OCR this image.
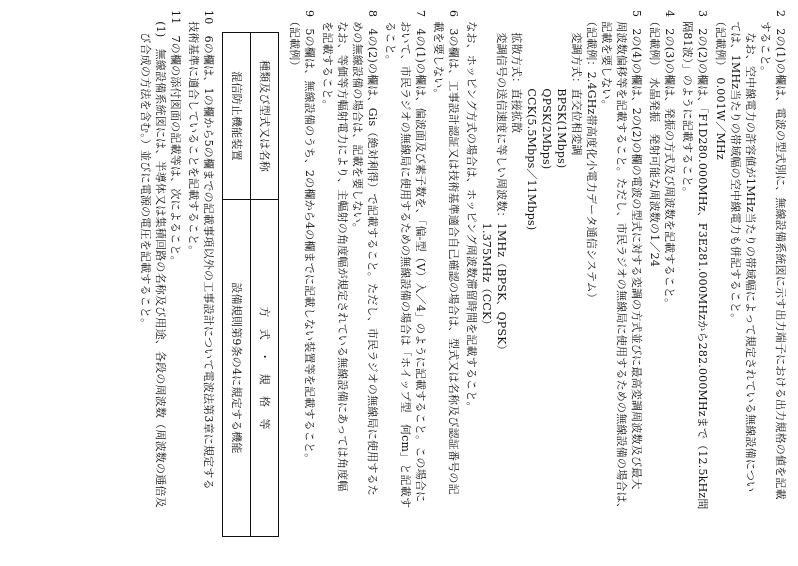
2　2の(1)の欄は、電波の型式別に、無線設備系統図に示す出力端子における出力規格の値を記載
　すること。
　　なお、空中線電力の許容値が1MHz当たりの帯域幅によって規定されている無線設備につい
　ては、1MHz当たりの帯域幅の空中線電力も併記すること。
　（記載例）　0.001W／MHz
3　2の(2)の欄は、「F1D280.000MHz、F3E281.000MHzから282.000MHzまで（12.5kHz間
　隔81波）」のように記載すること。
4　2の(3)の欄は、発振の方式及び周波数を記載すること。
　（記載例）　水晶発振　発射可能な周波数の1／24
5　2の(4)の欄は、2の(2)の欄の電波の型式に対する変調の方式並びに最高変調周波数及び最大
　周波数偏移等を記載すること。ただし、市民ラジオの無線局に使用するための無線設備の場合は、
　記載を要しない。
　（記載例：2.4GHz帯高度化小電力データ通信システム）
　　変調方式：直交位相変調
　　　　　　　BPSK(1Mbps)
　　　　　　　QPSK(2Mbps)
　　　　　　　CCK(5.5Mbps／11Mbps)
　　拡散方式：直接拡散
　　変調信号の送信速度に等しい周波数：1MHz（BPSK、QPSK）
　　　　　　　　　　　　　　　　　　　1.375MHz（CCK）
　なお、ホッピング方式の場合は、ホッピング周波数滞留時間を記載すること。
6　3の欄は、工事設計認証又は技術基準適合自己確認の場合は、型式又は名称及び認証番号の記
　載を要しない。
7　4の(1)の欄は、偏波面及び素子数を、「偏-型（V）入／4」のように記載すること。この場合に
　おいて、市民ラジオの無線局に使用するための無線設備の場合は「ホイップ型　何cm」と記載す
　ること。
8　4の(2)の欄は、Gis（絶対利得）で記載すること。ただし、市民ラジオの無線局に使用するた
　めの無線設備の場合は、記載を要しない。
　なお、等価等方輻射電力により、主輻射の角度幅が規定されている無線設備にあっては角度幅
　を記載すること。
9　5の欄は、無線設備のうち、2の欄から4の欄までに記載しない装置等を記載すること。
　（記載例）
種類及び型式又は名称	方　式　・　規　格　等
混信防止機能装置	設備規則第9条の4に規定する機能
10　6の欄は、1の欄から5の欄までの記載事項以外の工事設計について電波法第3章に規定する
　技術基準に適合していることを記載すること。
11　7の欄の添付図面の記載等は、次によること。
　(1)　無線設備系統図には、半導体又は集積回路の名称及び用途、各段の周波数（周波数の逓倍及
　　び合成の方法を含む。）並びに電源の電圧を記載すること。
